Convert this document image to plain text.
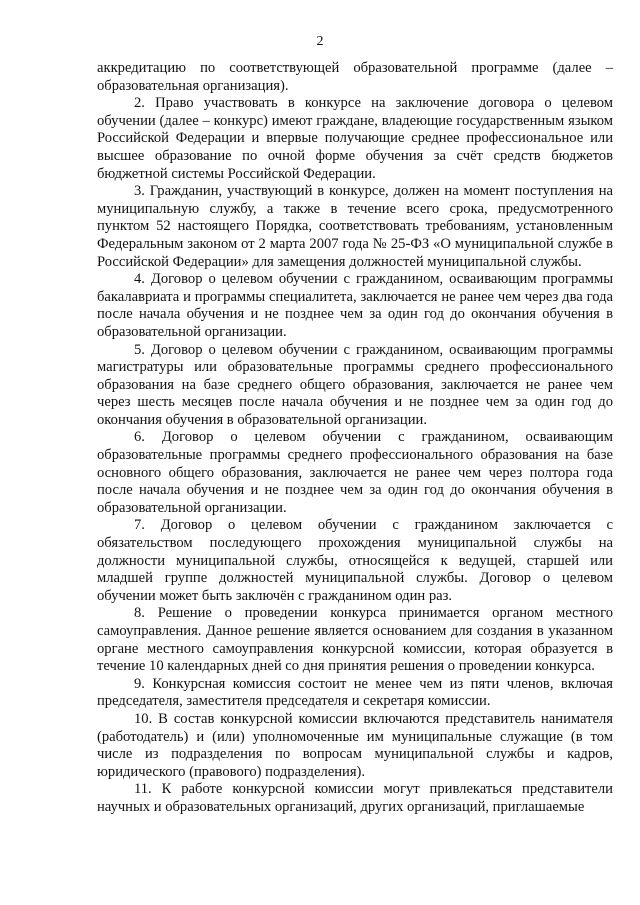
2

аккредитацию по соответствующей образовательной программе (далее – образовательная организация).

2. Право участвовать в конкурсе на заключение договора о целевом обучении (далее – конкурс) имеют граждане, владеющие государственным языком Российской Федерации и впервые получающие среднее профессиональное или высшее образование по очной форме обучения за счёт средств бюджетов бюджетной системы Российской Федерации.

3. Гражданин, участвующий в конкурсе, должен на момент поступления на муниципальную службу, а также в течение всего срока, предусмотренного пунктом 52 настоящего Порядка, соответствовать требованиям, установленным Федеральным законом от 2 марта 2007 года № 25-ФЗ «О муниципальной службе в Российской Федерации» для замещения должностей муниципальной службы.

4. Договор о целевом обучении с гражданином, осваивающим программы бакалавриата и программы специалитета, заключается не ранее чем через два года после начала обучения и не позднее чем за один год до окончания обучения в образовательной организации.

5. Договор о целевом обучении с гражданином, осваивающим программы магистратуры или образовательные программы среднего профессионального образования на базе среднего общего образования, заключается не ранее чем через шесть месяцев после начала обучения и не позднее чем за один год до окончания обучения в образовательной организации.

6. Договор о целевом обучении с гражданином, осваивающим образовательные программы среднего профессионального образования на базе основного общего образования, заключается не ранее чем через полтора года после начала обучения и не позднее чем за один год до окончания обучения в образовательной организации.

7. Договор о целевом обучении с гражданином заключается с обязательством последующего прохождения муниципальной службы на должности муниципальной службы, относящейся к ведущей, старшей или младшей группе должностей муниципальной службы. Договор о целевом обучении может быть заключён с гражданином один раз.

8. Решение о проведении конкурса принимается органом местного самоуправления. Данное решение является основанием для создания в указанном органе местного самоуправления конкурсной комиссии, которая образуется в течение 10 календарных дней со дня принятия решения о проведении конкурса.

9. Конкурсная комиссия состоит не менее чем из пяти членов, включая председателя, заместителя председателя и секретаря комиссии.

10. В состав конкурсной комиссии включаются представитель нанимателя (работодатель) и (или) уполномоченные им муниципальные служащие (в том числе из подразделения по вопросам муниципальной службы и кадров, юридического (правового) подразделения).

11. К работе конкурсной комиссии могут привлекаться представители научных и образовательных организаций, других организаций, приглашаемые
